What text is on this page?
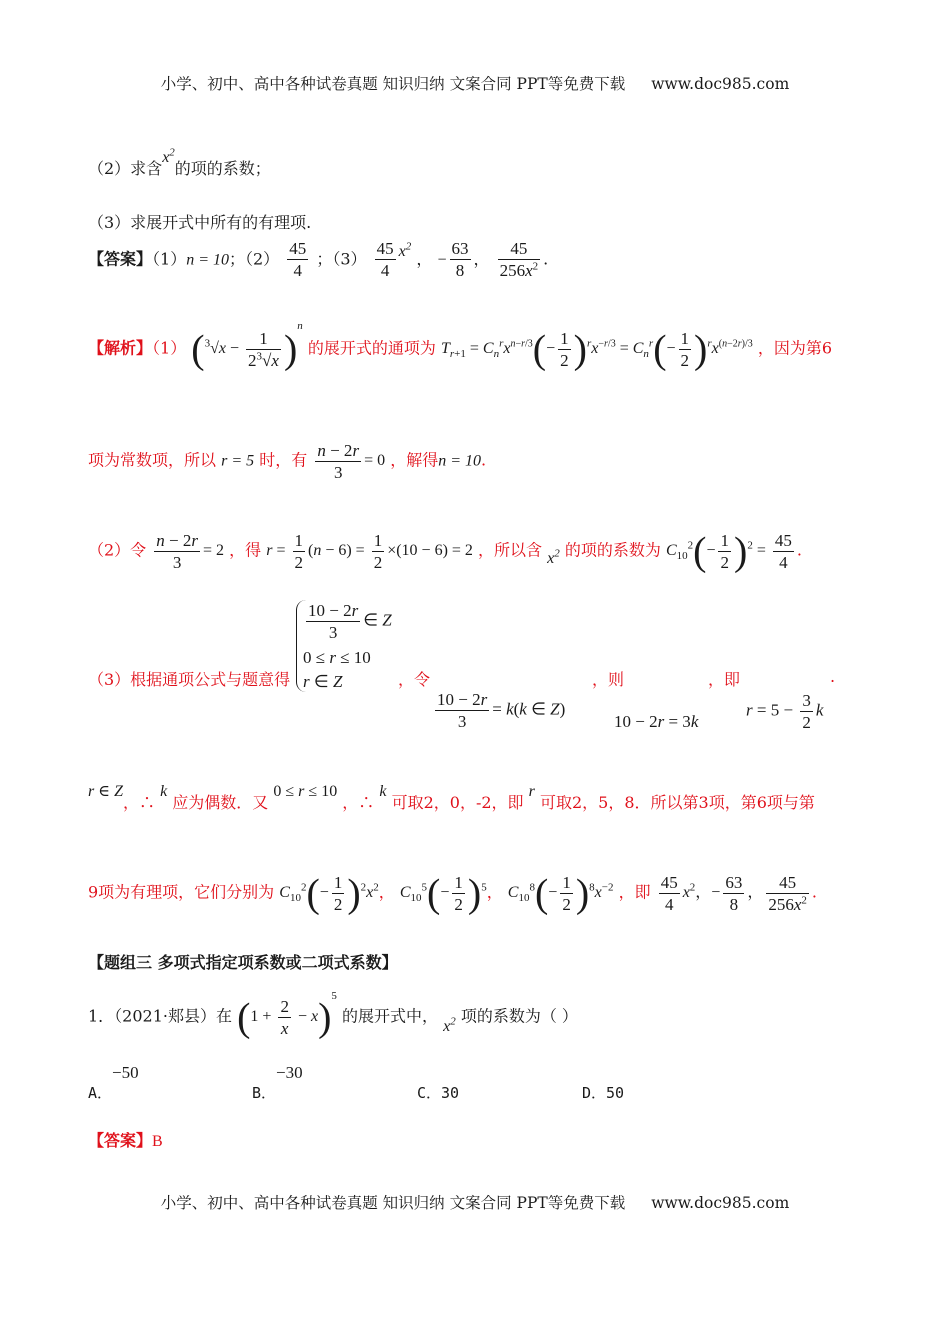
小学、初中、高中各种试卷真题 知识归纳 文案合同 PPT等免费下载 www.doc985.com
（2）求含$x^2$的项的系数；
（3）求展开式中所有的有理项.
【答案】（1）n = 10；$(2) \frac{45}{4}$ ；$(3) \frac{45}{4} x^2$ ， − $\frac{63}{8}$ ， $\frac{45}{256x^2}$ .
【解析】（1） $(^3√x - \frac{1}{2^3√x} )^n$ 的展开式的通项为 $T_{r+1} = C_n^rx^{n-r/3}(- \frac{1}{2} )^rx^{-r/3} = C_n^r(- \frac{1}{2} )^rx^{(n-2r)/3}$ ，因为第6
项为常数项，所以 r = 5 时，有 $\frac{n - 2r}{3} = 0$ ，解得n = 10.
（2）令 $\frac{n - 2r}{3} = 2$ ，得 $r = \frac{1}{2} (n - 6) = \frac{1}{2} \times(10 - 6) = 2$ ，所以含 $x^2$ 的项的系数为 $C_{10}^2(- \frac{1}{2} )^2 = \frac{45}{4}$ .
（3）根据通项公式与题意得
$\frac{10 - 2r}{3}$ ∈ Z
0 ≤ r ≤ 10
r ∈ Z	，令
$\frac{10 - 2r}{3} = k(k$ ∈ Z)
，则
10 − 2r = 3k
，即
$r = 5 - \frac{3}{2}$ k
.
r ∈ Z，∴ k 应为偶数．又 0 ≤ r ≤ 10 ，∴ k 可取2，0，-2，即 r 可取2，5，8．所以第3项，第6项与第
9项为有理项，它们分别为 $C_{10}^2(- \frac{1}{2} )^2x^2$， $C_{10}^5(- \frac{1}{2} )^5$， $C_{10}^8(- \frac{1}{2} )^8x^{-2}$ ，即 $\frac{45}{4} x^2$，− $\frac{63}{8}$ ， $\frac{45}{256x^2}$ .
【题组三 多项式指定项系数或二项式系数】
1．（2021·郏县）在 $(1 + \frac{2}{x} - x)^5$ 的展开式中， $x^2$ 项的系数为（ ）
A．−50
B．−30
C．30	D．50
【答案】B
小学、初中、高中各种试卷真题 知识归纳 文案合同 PPT等免费下载 www.doc985.com
